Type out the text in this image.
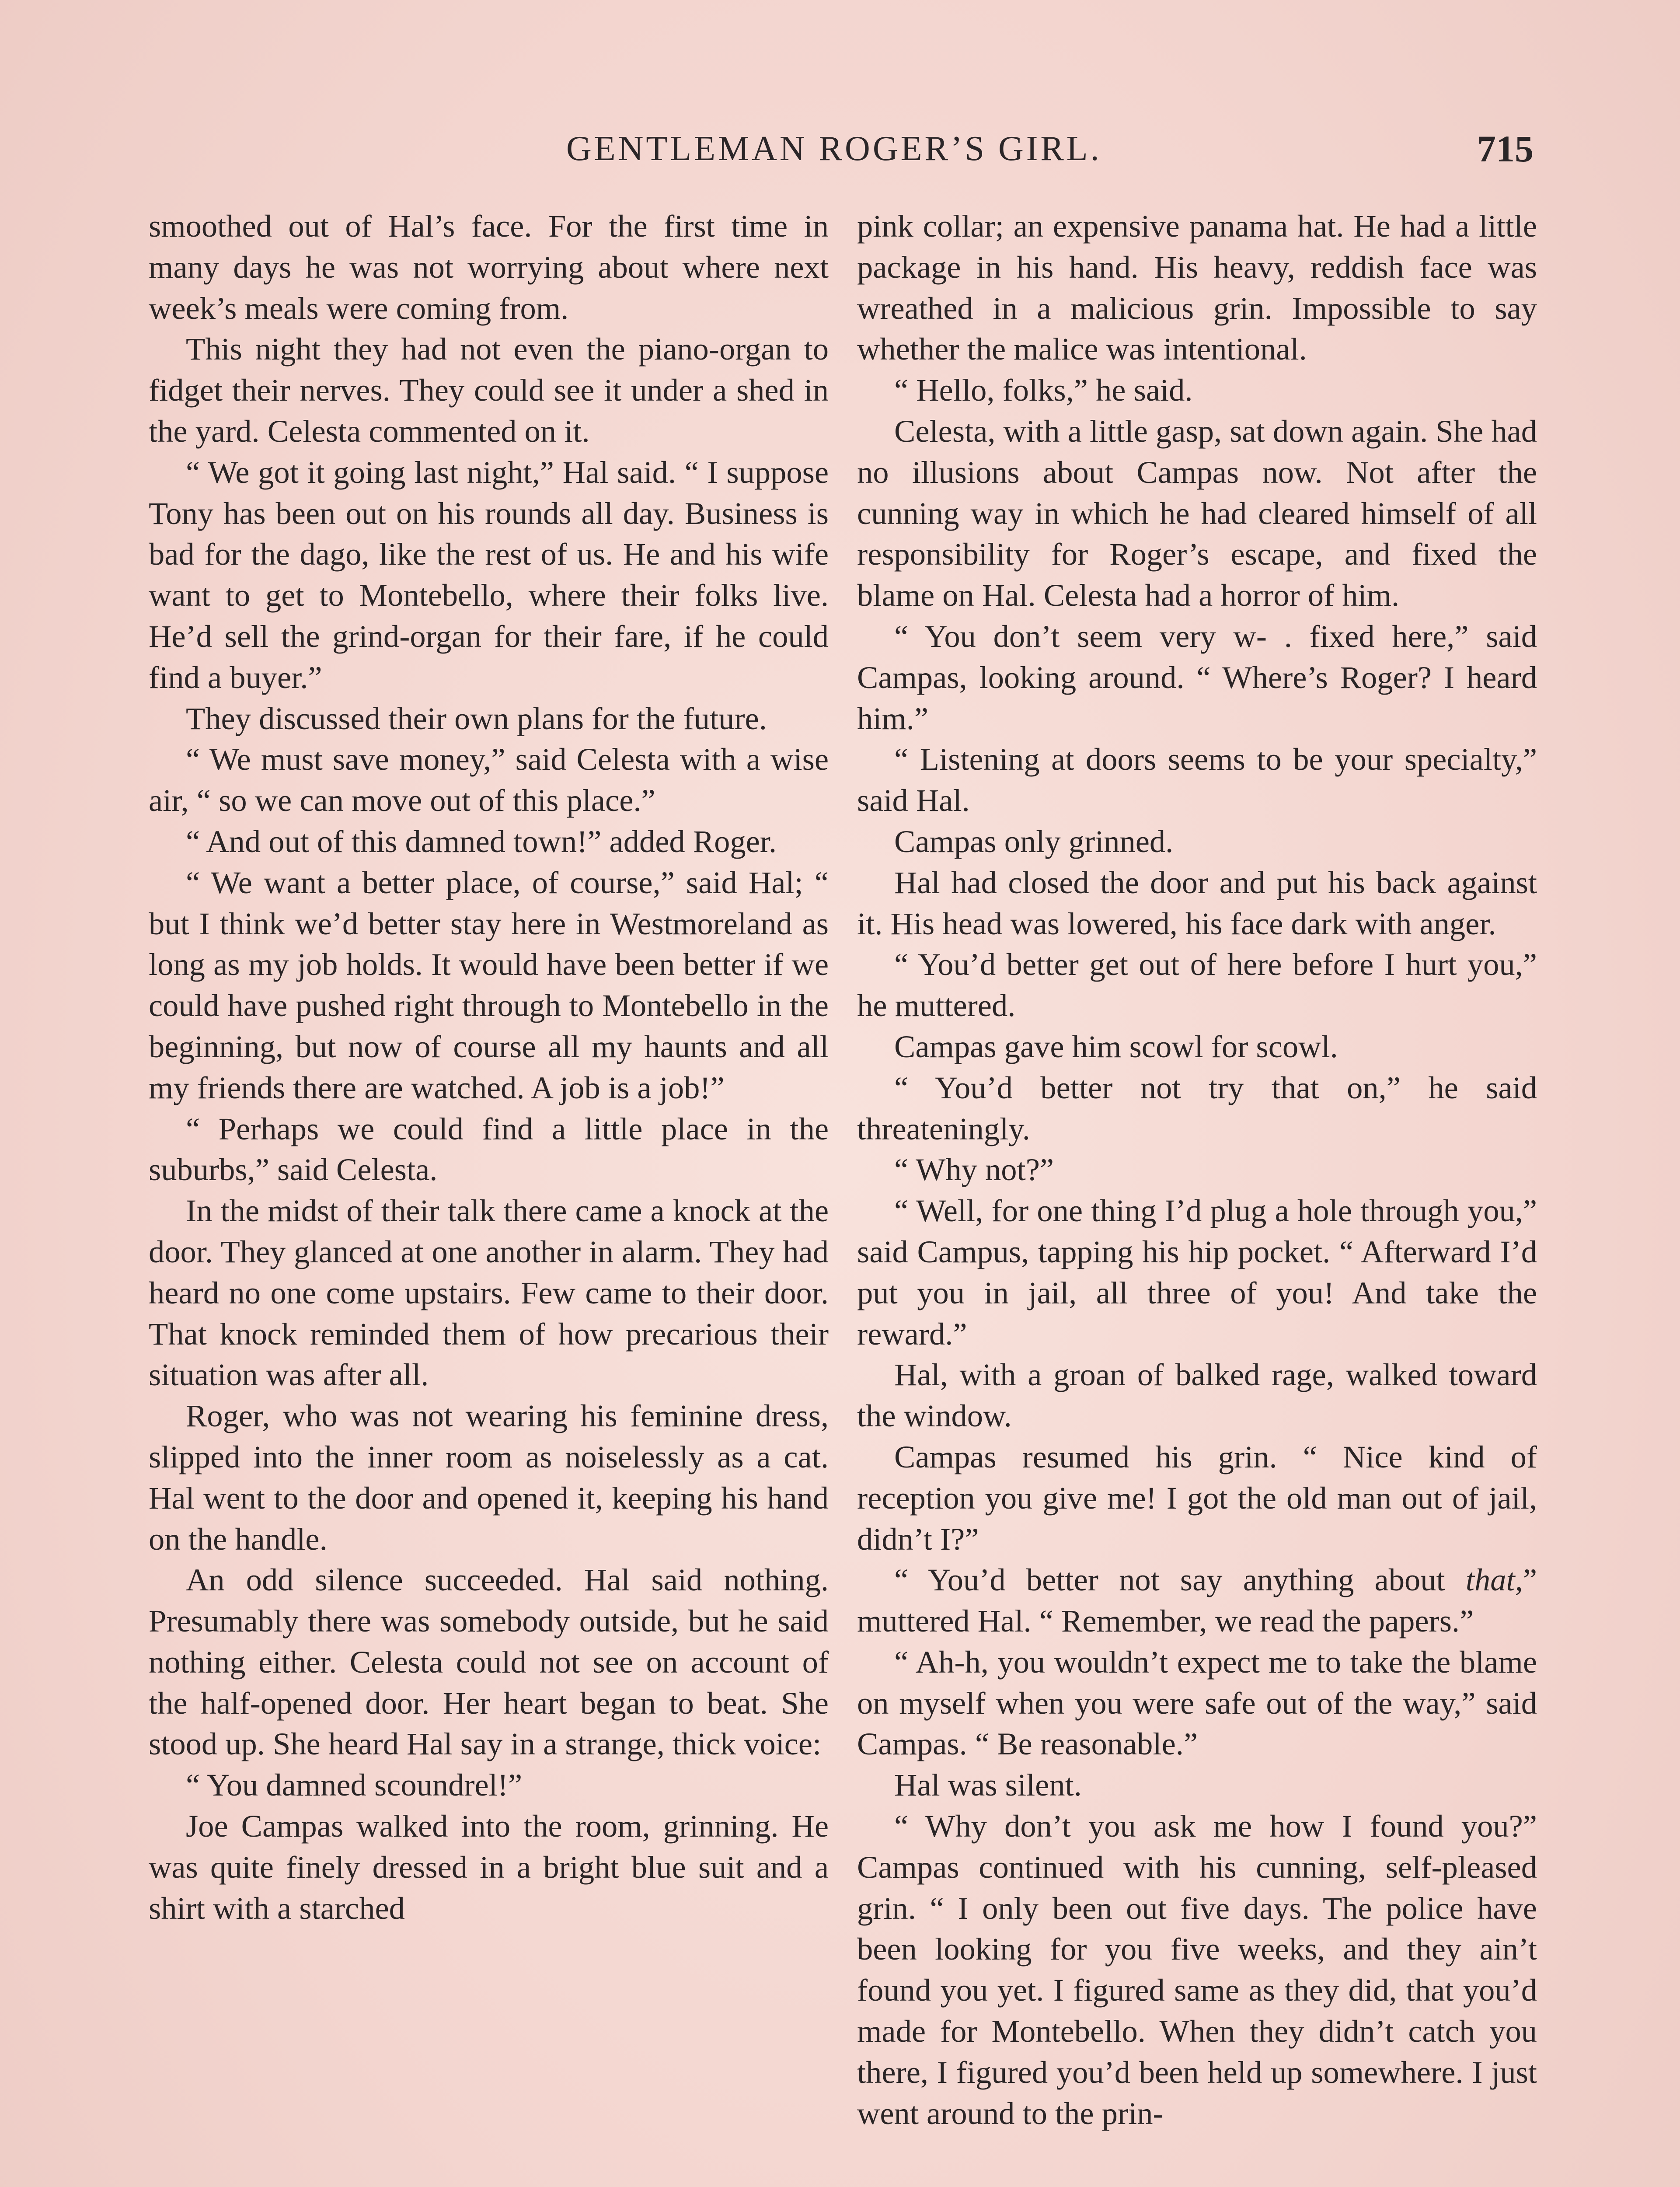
GENTLEMAN ROGER’S GIRL.	715

smoothed out of Hal’s face. For the first time in many days he was not worrying about where next week’s meals were coming from.

This night they had not even the piano-organ to fidget their nerves. They could see it under a shed in the yard. Celesta commented on it.

“ We got it going last night,” Hal said. “ I suppose Tony has been out on his rounds all day. Business is bad for the dago, like the rest of us. He and his wife want to get to Montebello, where their folks live. He’d sell the grind-organ for their fare, if he could find a buyer.”

They discussed their own plans for the future.

“ We must save money,” said Celesta with a wise air, “ so we can move out of this place.”

“ And out of this damned town!” added Roger.

“ We want a better place, of course,” said Hal; “ but I think we’d better stay here in Westmoreland as long as my job holds. It would have been better if we could have pushed right through to Montebello in the beginning, but now of course all my haunts and all my friends there are watched. A job is a job!”

“ Perhaps we could find a little place in the suburbs,” said Celesta.

In the midst of their talk there came a knock at the door. They glanced at one another in alarm. They had heard no one come upstairs. Few came to their door. That knock reminded them of how precarious their situation was after all.

Roger, who was not wearing his feminine dress, slipped into the inner room as noiselessly as a cat. Hal went to the door and opened it, keeping his hand on the handle.

An odd silence succeeded. Hal said nothing. Presumably there was somebody outside, but he said nothing either. Celesta could not see on account of the half-opened door. Her heart began to beat. She stood up. She heard Hal say in a strange, thick voice:

“ You damned scoundrel!”

Joe Campas walked into the room, grinning. He was quite finely dressed in a bright blue suit and a shirt with a starched

pink collar; an expensive panama hat. He had a little package in his hand. His heavy, reddish face was wreathed in a malicious grin. Impossible to say whether the malice was intentional.

“ Hello, folks,” he said.

Celesta, with a little gasp, sat down again. She had no illusions about Campas now. Not after the cunning way in which he had cleared himself of all responsibility for Roger’s escape, and fixed the blame on Hal. Celesta had a horror of him.

“ You don’t seem very w- . fixed here,” said Campas, looking around. “ Where’s Roger? I heard him.”

“ Listening at doors seems to be your specialty,” said Hal.

Campas only grinned.

Hal had closed the door and put his back against it. His head was lowered, his face dark with anger.

“ You’d better get out of here before I hurt you,” he muttered.

Campas gave him scowl for scowl.

“ You’d better not try that on,” he said threateningly.

“ Why not?”

“ Well, for one thing I’d plug a hole through you,” said Campus, tapping his hip pocket. “ Afterward I’d put you in jail, all three of you! And take the reward.”

Hal, with a groan of balked rage, walked toward the window.

Campas resumed his grin. “ Nice kind of reception you give me! I got the old man out of jail, didn’t I?”

“ You’d better not say anything about that,” muttered Hal. “ Remember, we read the papers.”

“ Ah-h, you wouldn’t expect me to take the blame on myself when you were safe out of the way,” said Campas. “ Be reasonable.”

Hal was silent.

“ Why don’t you ask me how I found you?” Campas continued with his cunning, self-pleased grin. “ I only been out five days. The police have been looking for you five weeks, and they ain’t found you yet. I figured same as they did, that you’d made for Montebello. When they didn’t catch you there, I figured you’d been held up somewhere. I just went around to the prin-
